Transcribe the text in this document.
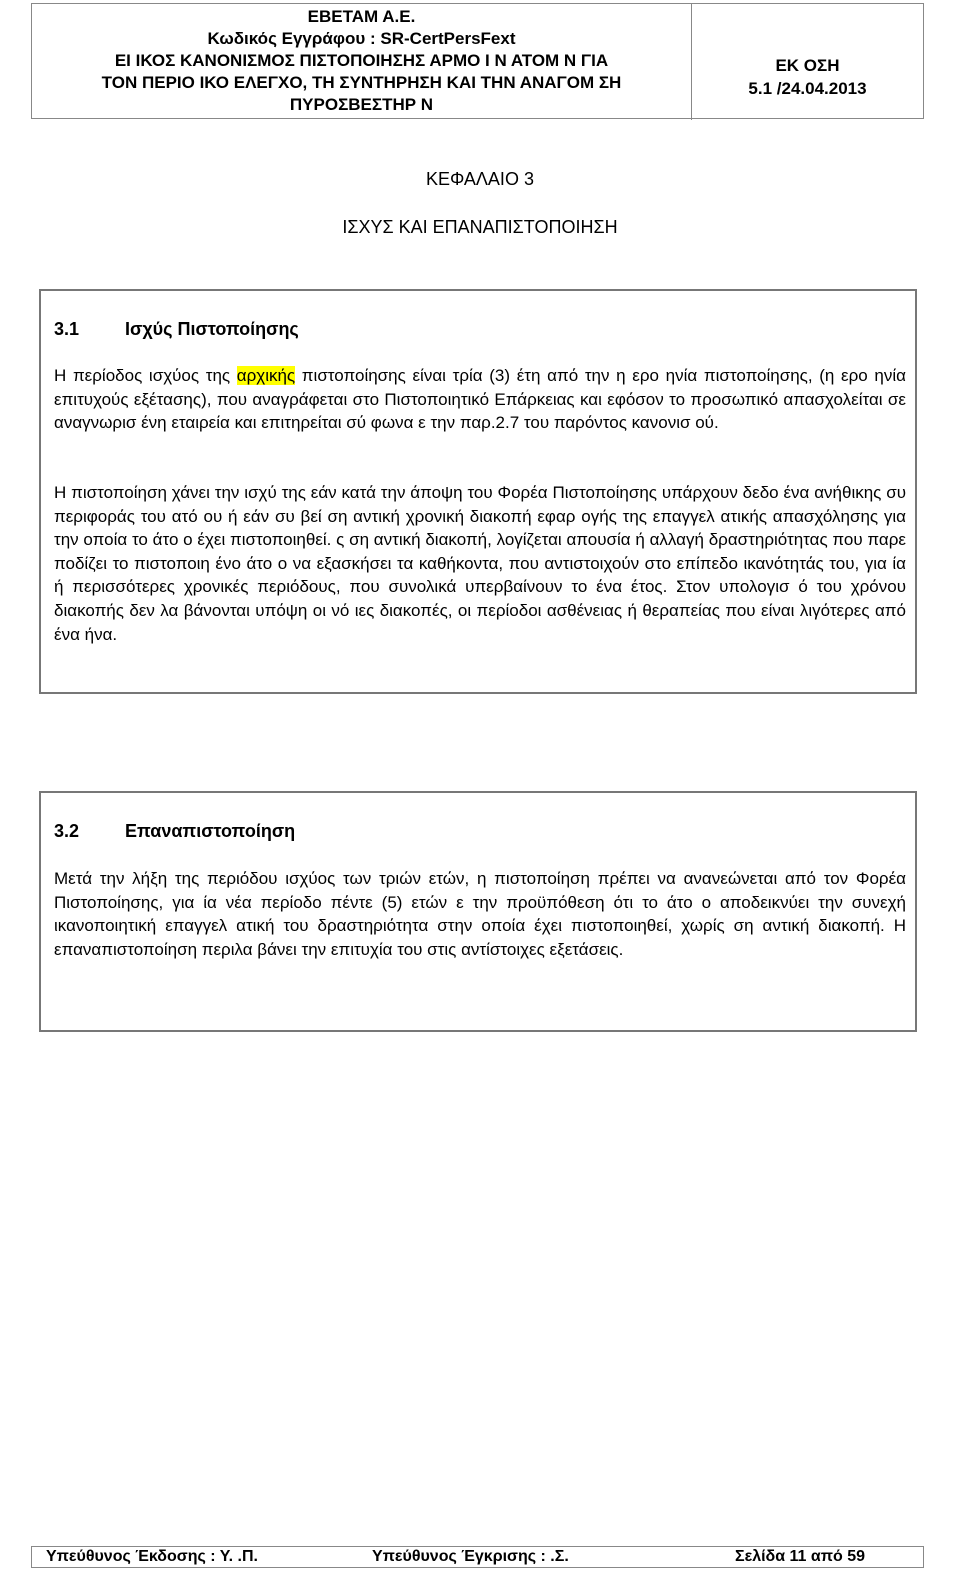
ΕΒΕΤΑΜ Α.Ε.
Κωδικός Εγγράφου : SR-CertPersFext
ΕΙ ΙΚΟΣ ΚΑΝΟΝΙΣΜΟΣ ΠΙΣΤΟΠΟΙΗΣΗΣ ΑΡΜΟ Ι Ν ΑΤΟΜ Ν ΓΙΑ
ΤΟΝ ΠΕΡΙΟ ΙΚΟ ΕΛΕΓΧΟ, ΤΗ ΣΥΝΤΗΡΗΣΗ ΚΑΙ ΤΗΝ ΑΝΑΓΟΜ ΣΗ
ΠΥΡΟΣΒΕΣΤΗΡ Ν
ΕΚ ΟΣΗ
5.1 /24.04.2013
ΚΕΦΑΛΑΙΟ 3
ΙΣΧΥΣ ΚΑΙ ΕΠΑΝΑΠΙΣΤΟΠΟΙΗΣΗ
3.1	Ισχύς Πιστοποίησης

Η περίοδος ισχύος της αρχικής πιστοποίησης είναι τρία (3) έτη από την η ερο ηνία πιστοποίησης, (η ερο ηνία επιτυχούς εξέτασης), που αναγράφεται στο Πιστοποιητικό Επάρκειας και εφόσον το προσωπικό απασχολείται σε αναγνωρισ ένη εταιρεία και επιτηρείται σύ φωνα ε την παρ.2.7 του παρόντος κανονισ ού.

Η πιστοποίηση χάνει την ισχύ της εάν κατά την άποψη του Φορέα Πιστοποίησης υπάρχουν δεδο ένα ανήθικης συ περιφοράς του ατό ου ή εάν συ βεί ση αντική χρονική διακοπή εφαρ ογής της επαγγελ ατικής απασχόλησης για την οποία το άτο ο έχει πιστοποιηθεί. ς ση αντική διακοπή, λογίζεται απουσία ή αλλαγή δραστηριότητας που παρε ποδίζει το πιστοποιη ένο άτο ο να εξασκήσει τα καθήκοντα, που αντιστοιχούν στο επίπεδο ικανότητάς του, για ία ή περισσότερες χρονικές περιόδους, που συνολικά υπερβαίνουν το ένα έτος. Στον υπολογισ ό του χρόνου διακοπής δεν λα βάνονται υπόψη οι νό ιες διακοπές, οι περίοδοι ασθένειας ή θεραπείας που είναι λιγότερες από ένα ήνα.

3.2	Επαναπιστοποίηση

Μετά την λήξη της περιόδου ισχύος των τριών ετών, η πιστοποίηση πρέπει να ανανεώνεται από τον Φορέα Πιστοποίησης, για ία νέα περίοδο πέντε (5) ετών ε την προϋπόθεση ότι το άτο ο αποδεικνύει την συνεχή ικανοποιητική επαγγελ ατική του δραστηριότητα στην οποία έχει πιστοποιηθεί, χωρίς ση αντική διακοπή. Η επαναπιστοποίηση περιλα βάνει την επιτυχία του στις αντίστοιχες εξετάσεις.

Υπεύθυνος Έκδοσης : Υ. .Π.	Υπεύθυνος Έγκρισης : .Σ.	Σελίδα 11 από 59
